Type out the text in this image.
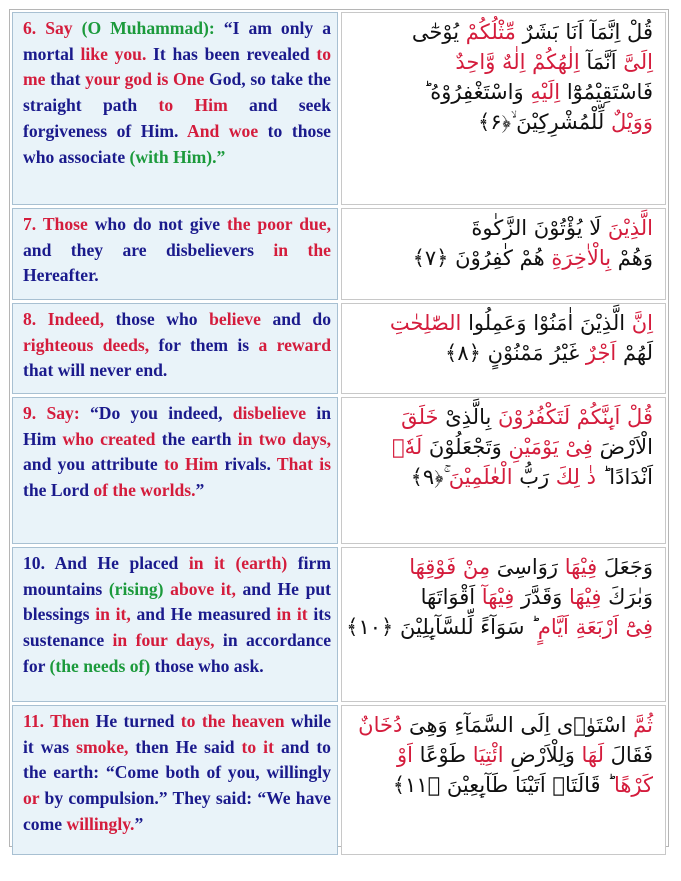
6. Say (O Muhammad): “I am only a mortal like you. It has been revealed to me that your god is One God, so take the straight path to Him and seek forgiveness of Him. And woe to those who associate (with Him).”
قُلْ اِنَّمَآ اَنَا بَشَرٌ مِّثْلُكُمْ يُوْحٰٓى
اِلَىَّ اَنَّمَآ اِلٰهُكُمْ اِلٰهٌ وَّاحِدٌ
فَاسْتَقِيْمُوْٓا اِلَيْهِ وَاسْتَغْفِرُوْهُ ؕ
وَوَيْلٌ لِّلْمُشْرِكِيْنَ ۙ‏﴿۶﴾
7. Those who do not give the poor due, and they are disbelievers in the Hereafter.
الَّذِيْنَ لَا يُؤْتُوْنَ الزَّكٰوةَ
وَهُمْ بِالْاٰخِرَةِ هُمْ كٰفِرُوْنَ ‏﴿۷﴾
8. Indeed, those who believe and do righteous deeds, for them is a reward that will never end.
اِنَّ الَّذِيْنَ اٰمَنُوْا وَعَمِلُوا الصّٰلِحٰتِ
لَهُمْ اَجْرٌ غَيْرُ مَمْنُوْنٍ ‏﴿۸﴾
9. Say: “Do you indeed, disbelieve in Him who created the earth in two days, and you attribute to Him rivals. That is the Lord of the worlds.”
قُلْ اَٮِٕنَّكُمْ لَتَكْفُرُوْنَ بِالَّذِىْ خَلَقَ
الْاَرْضَ فِىْ يَوْمَيْنِ وَتَجْعَلُوْنَ لَهٗۤ
اَنْدَادًا ؕ ذٰ لِكَ رَبُّ الْعٰلَمِيْنَ ۚ‏﴿۹﴾
10. And He placed in it (earth) firm mountains (rising) above it, and He put blessings in it, and He measured in it its sustenance in four days, in accordance for (the needs of) those who ask.
وَجَعَلَ فِيْهَا رَوَاسِىَ مِنْ فَوْقِهَا
وَبٰرَكَ فِيْهَا وَقَدَّرَ فِيْهَآ اَقْوَاتَهَا
فِىْٓ اَرْبَعَةِ اَيَّامٍ ؕ سَوَآءً لِّلسَّآٮِٕلِيْنَ ‏﴿۱۰﴾
11. Then He turned to the heaven while it was smoke, then He said to it and to the earth: “Come both of you, willingly or by compulsion.” They said: “We have come willingly.”
ثُمَّ اسْتَوٰۤى اِلَى السَّمَآءِ وَهِىَ دُخَانٌ
فَقَالَ لَهَا وَلِلْاَرْضِ ائْتِيَا طَوْعًا اَوْ
كَرْهًا ؕ قَالَتَاۤ اَتَيْنَا طَآٮِٕعِيْنَ ‏﴿۱۱﴾
